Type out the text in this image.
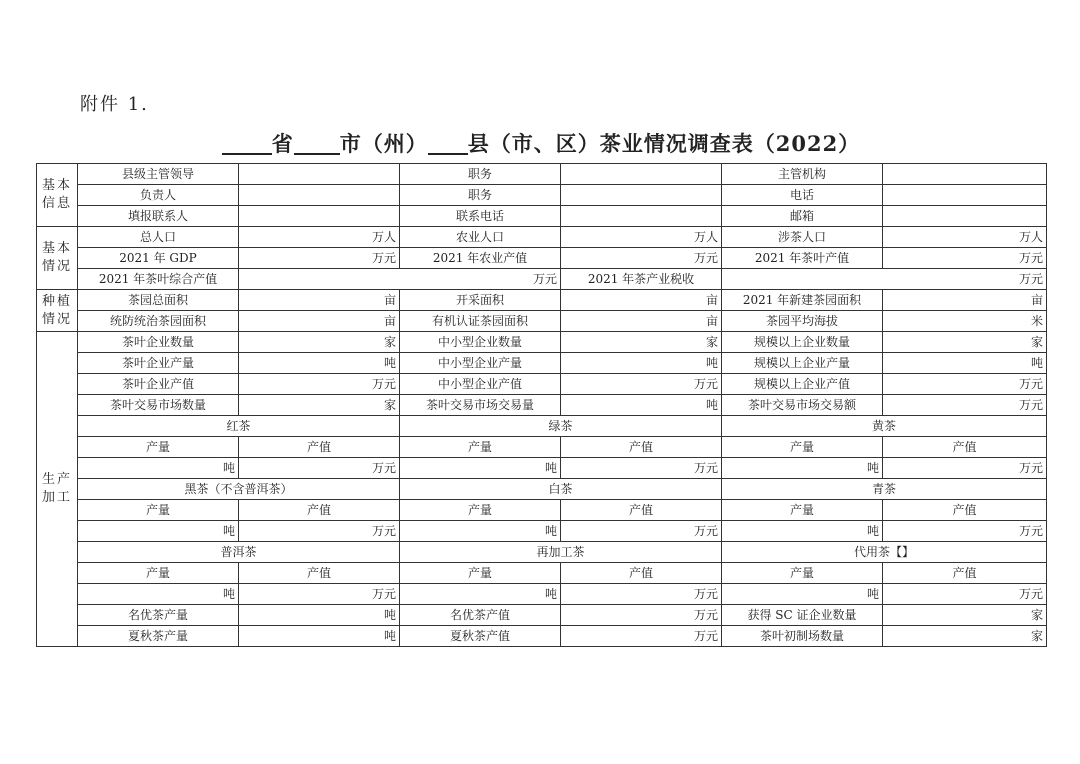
附件 1.
省 市（州） 县（市、区）茶业情况调查表（2022）
基本信息	县级主管领导		职务		主管机构	
	负责人		职务		电话	
	填报联系人		联系电话		邮箱	
基本情况	总人口	万人	农业人口	万人	涉茶人口	万人
	2021 年 GDP	万元	2021 年农业产值	万元	2021 年茶叶产值	万元
	2021 年茶叶综合产值	万元		2021 年茶产业税收	万元	
种植情况	茶园总面积	亩	开采面积	亩	2021 年新建茶园面积	亩
	统防统治茶园面积	亩	有机认证茶园面积	亩	茶园平均海拔	米
生产加工	茶叶企业数量	家	中小型企业数量	家	规模以上企业数量	家
	茶叶企业产量	吨	中小型企业产量	吨	规模以上企业产量	吨
	茶叶企业产值	万元	中小型企业产值	万元	规模以上企业产值	万元
	茶叶交易市场数量	家	茶叶交易市场交易量	吨	茶叶交易市场交易额	万元
	红茶		绿茶		黄茶	
	产量	产值	产量	产值	产量	产值
	吨	万元	吨	万元	吨	万元
	黑茶（不含普洱茶）		白茶		青茶	
	产量	产值	产量	产值	产量	产值
	吨	万元	吨	万元	吨	万元
	普洱茶		再加工茶		代用茶【】	
	产量	产值	产量	产值	产量	产值
	吨	万元	吨	万元	吨	万元
	名优茶产量	吨	名优茶产值	万元	获得 SC 证企业数量	家
	夏秋茶产量	吨	夏秋茶产值	万元	茶叶初制场数量	家
